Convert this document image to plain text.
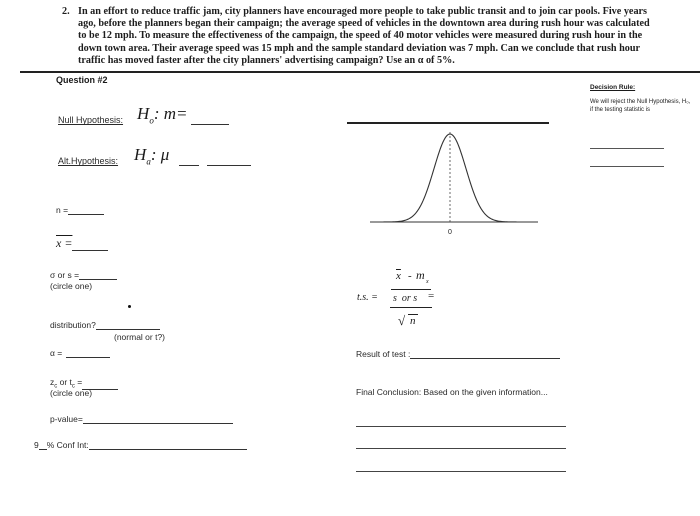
2. In an effort to reduce traffic jam, city planners have encouraged more people to take public transit and to join car pools. Five years ago, before the planners began their campaign; the average speed of vehicles in the downtown area during rush hour was calculated to be 12 mph. To measure the effectiveness of the campaign, the speed of 40 motor vehicles were measured during rush hour in the down town area. Their average speed was 15 mph and the sample standard deviation was 7 mph. Can we conclude that rush hour traffic has moved faster after the city planners' advertising campaign? Use an α of 5%.
Question #2
Null Hypothesis: $H_o$: m=
Alt.Hypothesis: $H_a$: μ
n =
x =
σ or s =
(circle one)
distribution?
(normal or t?)
α =
$z_c$ or $t_c$ =
(circle one)
p-value=
9 % Conf Int:
Decision Rule:
We will reject the Null Hypothesis, H₀, if the testing statistic is
0
t.s. =
$\overline{x}$ - m x
=
s  or s
√ n
Result of test :
Final Conclusion: Based on the given information...
